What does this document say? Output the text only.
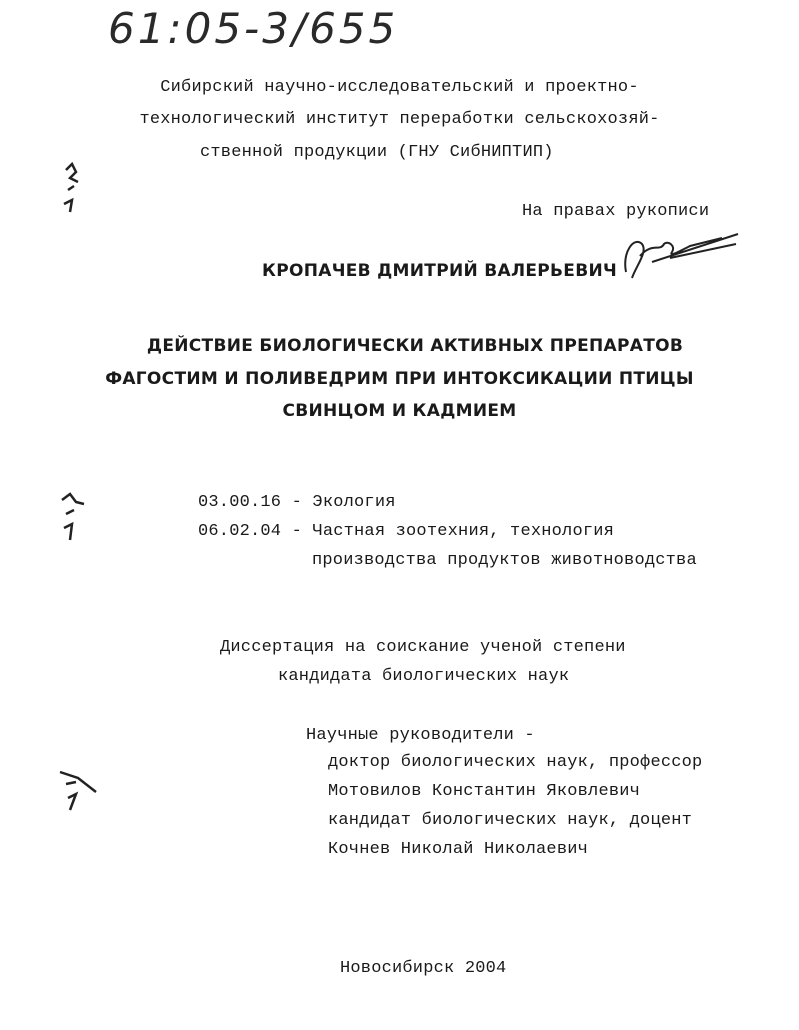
61:05-3/655
Сибирский научно-исследовательский и проектно-
технологический институт переработки сельскохозяй-
ственной продукции (ГНУ СибНИПТИП)
На правах рукописи
КРОПАЧЕВ ДМИТРИЙ ВАЛЕРЬЕВИЧ
ДЕЙСТВИЕ БИОЛОГИЧЕСКИ АКТИВНЫХ ПРЕПАРАТОВ
ФАГОСТИМ И ПОЛИВЕДРИМ ПРИ ИНТОКСИКАЦИИ ПТИЦЫ
СВИНЦОМ И КАДМИЕМ
03.00.16 - Экология
06.02.04 - Частная зоотехния, технология
производства продуктов животноводства
Диссертация на соискание ученой степени
кандидата биологических наук
Научные руководители -
доктор биологических наук, профессор
Мотовилов Константин Яковлевич
кандидат биологических наук, доцент
Кочнев Николай Николаевич
Новосибирск 2004
